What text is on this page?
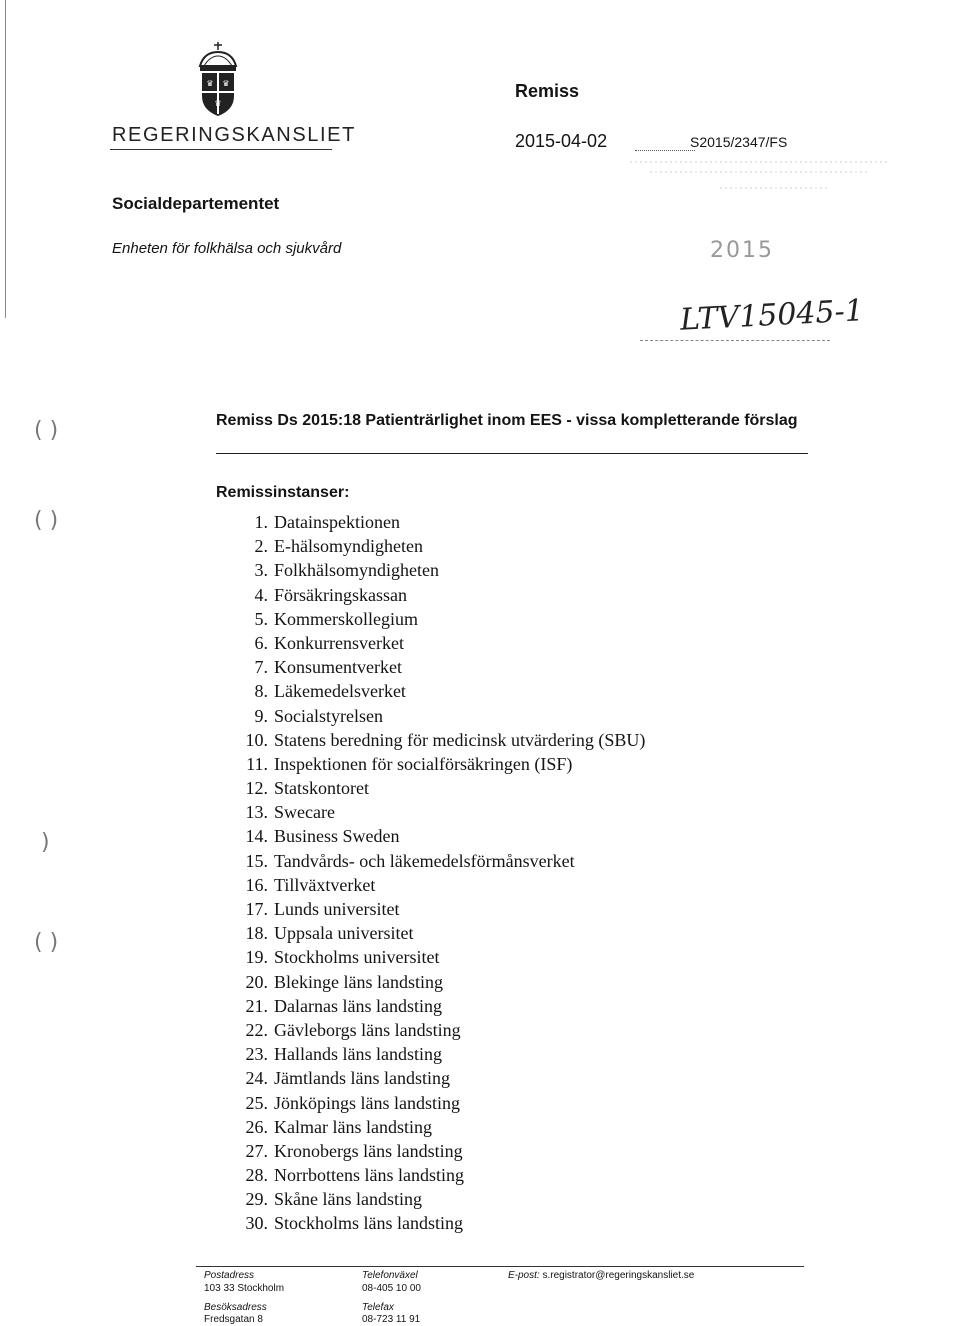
( )
( )
)
( )
♛ ♛
♛
REGERINGSKANSLIET
Socialdepartementet
Enheten för folkhälsa och sjukvård
Remiss
2015-04-02	S2015/2347/FS
2015
LTV15045-1
Remiss Ds 2015:18 Patienträrlighet inom EES - vissa kompletterande förslag
Remissinstanser:
1. Datainspektionen
2. E-hälsomyndigheten
3. Folkhälsomyndigheten
4. Försäkringskassan
5. Kommerskollegium
6. Konkurrensverket
7. Konsumentverket
8. Läkemedelsverket
9. Socialstyrelsen
10. Statens beredning för medicinsk utvärdering (SBU)
11. Inspektionen för socialförsäkringen (ISF)
12. Statskontoret
13. Swecare
14. Business Sweden
15. Tandvårds- och läkemedelsförmånsverket
16. Tillväxtverket
17. Lunds universitet
18. Uppsala universitet
19. Stockholms universitet
20. Blekinge läns landsting
21. Dalarnas läns landsting
22. Gävleborgs läns landsting
23. Hallands läns landsting
24. Jämtlands läns landsting
25. Jönköpings läns landsting
26. Kalmar läns landsting
27. Kronobergs läns landsting
28. Norrbottens läns landsting
29. Skåne läns landsting
30. Stockholms läns landsting
Postadress
103 33 Stockholm
Besöksadress
Fredsgatan 8
Telefonväxel
08-405 10 00
Telefax
08-723 11 91
E-post: s.registrator@regeringskansliet.se
